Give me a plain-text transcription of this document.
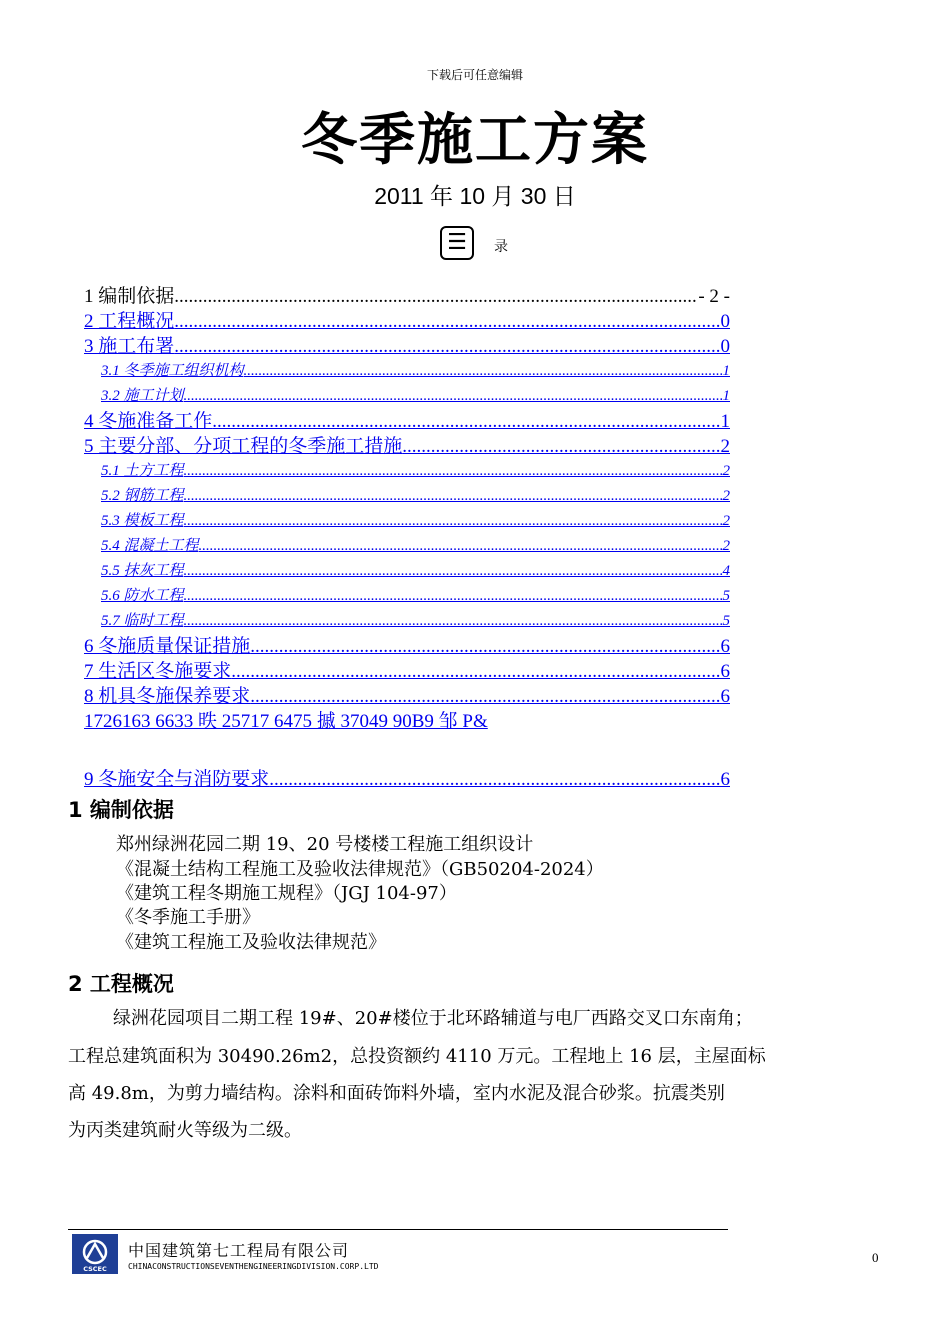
下载后可任意编辑
冬季施工方案
2011 年 10 月 30 日
☰	录
1 编制依据 .....	- 2 -
2 工程概况 .....	0
3 施工布署 .....	0
3.1 冬季施工组织机构 .....	1
3.2 施工计划 .....	1
4 冬施准备工作 .....	1
5 主要分部、分项工程的冬季施工措施 .....	2
5.1 土方工程 .....	2
5.2 钢筋工程 .....	2
5.3 模板工程 .....	2
5.4 混凝土工程 .....	2
5.5 抹灰工程 .....	4
5.6 防水工程 .....	5
5.7 临时工程 .....	5
6 冬施质量保证措施 .....	6
7 生活区冬施要求 .....	6
8 机具冬施保养要求 .....	6
1726163 6633 昳 25717 6475 摵 37049 90B9 邹 P&
9 冬施安全与消防要求 .....	6
1 编制依据
郑州绿洲花园二期 19、20 号楼楼工程施工组织设计
《混凝土结构工程施工及验收法律规范》（GB50204-2024）
《建筑工程冬期施工规程》（JGJ 104-97）
《冬季施工手册》
《建筑工程施工及验收法律规范》
2 工程概况
绿洲花园项目二期工程 19#、20#楼位于北环路辅道与电厂西路交叉口东南角；
工程总建筑面积为 30490.26m2，总投资额约 4110 万元。工程地上 16 层，主屋面标
高 49.8m，为剪力墙结构。涂料和面砖饰料外墙，室内水泥及混合砂浆。抗震类别
为丙类建筑耐火等级为二级。
CSCEC
中国建筑第七工程局有限公司
CHINACONSTRUCTIONSEVENTHENGINEERINGDIVISION.CORP.LTD
0
